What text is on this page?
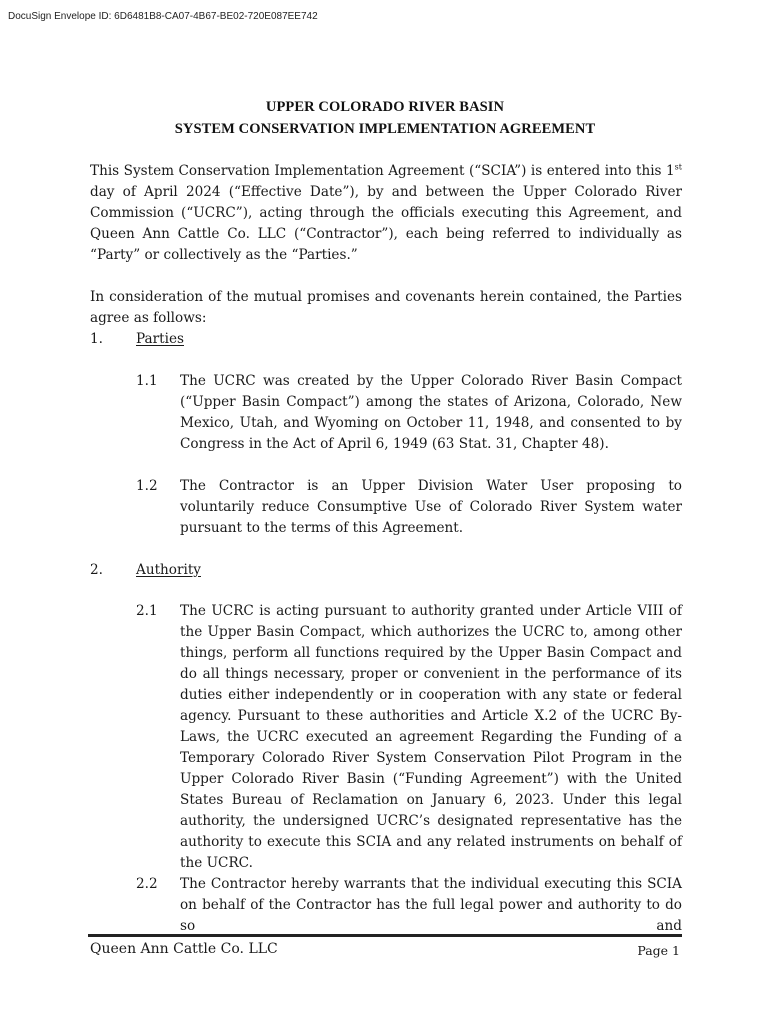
DocuSign Envelope ID: 6D6481B8-CA07-4B67-BE02-720E087EE742
UPPER COLORADO RIVER BASIN
SYSTEM CONSERVATION IMPLEMENTATION AGREEMENT
This System Conservation Implementation Agreement (“SCIA”) is entered into this 1st day of April 2024 (“Effective Date”), by and between the Upper Colorado River Commission (“UCRC”), acting through the officials executing this Agreement, and Queen Ann Cattle Co. LLC (“Contractor”), each being referred to individually as “Party” or collectively as the “Parties.”
In consideration of the mutual promises and covenants herein contained, the Parties agree as follows:
1. Parties
1.1 The UCRC was created by the Upper Colorado River Basin Compact (“Upper Basin Compact”) among the states of Arizona, Colorado, New Mexico, Utah, and Wyoming on October 11, 1948, and consented to by Congress in the Act of April 6, 1949 (63 Stat. 31, Chapter 48).
1.2 The Contractor is an Upper Division Water User proposing to voluntarily reduce Consumptive Use of Colorado River System water pursuant to the terms of this Agreement.
2. Authority
2.1 The UCRC is acting pursuant to authority granted under Article VIII of the Upper Basin Compact, which authorizes the UCRC to, among other things, perform all functions required by the Upper Basin Compact and do all things necessary, proper or convenient in the performance of its duties either independently or in cooperation with any state or federal agency. Pursuant to these authorities and Article X.2 of the UCRC By-Laws, the UCRC executed an agreement Regarding the Funding of a Temporary Colorado River System Conservation Pilot Program in the Upper Colorado River Basin (“Funding Agreement”) with the United States Bureau of Reclamation on January 6, 2023. Under this legal authority, the undersigned UCRC’s designated representative has the authority to execute this SCIA and any related instruments on behalf of the UCRC.
2.2 The Contractor hereby warrants that the individual executing this SCIA on behalf of the Contractor has the full legal power and authority to do so and
Queen Ann Cattle Co. LLC	Page 1
